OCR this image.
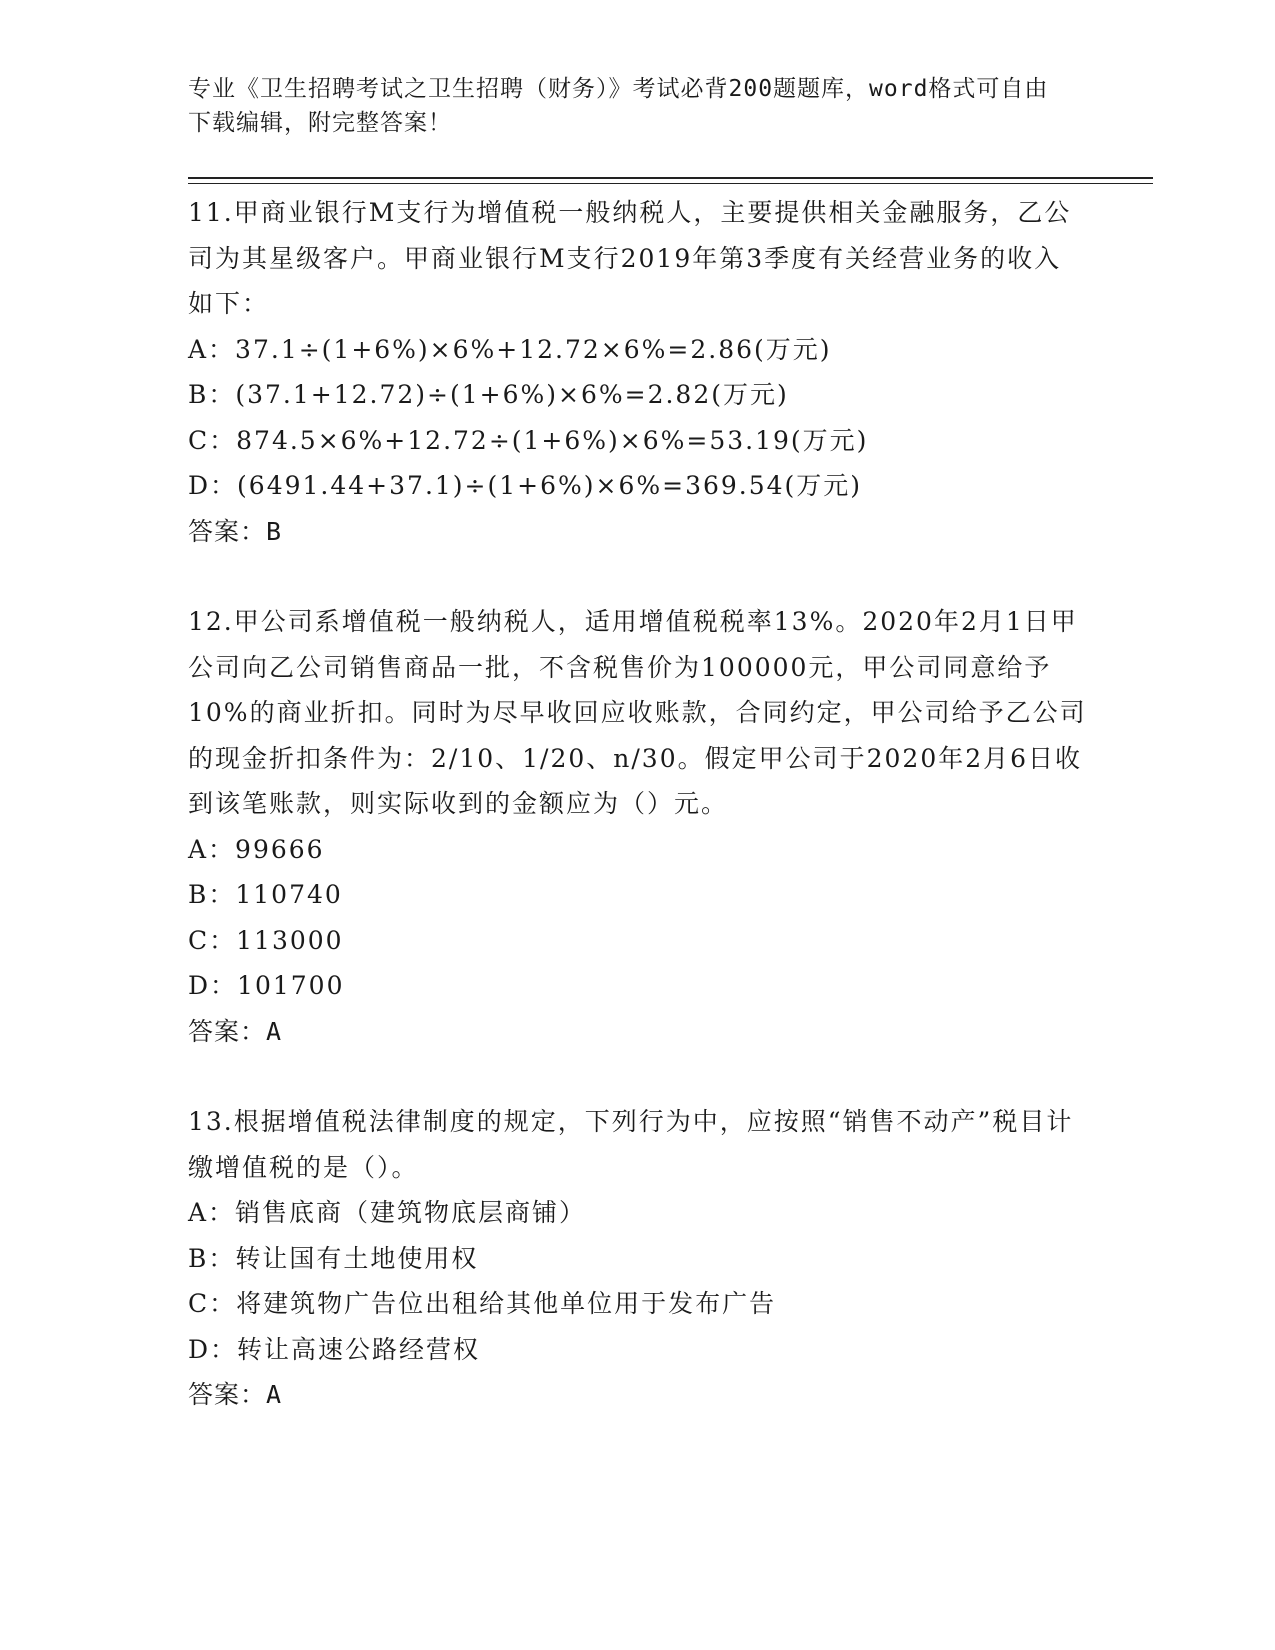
专业《卫生招聘考试之卫生招聘（财务）》考试必背200题题库，word格式可自由下载编辑，附完整答案！

11.甲商业银行M支行为增值税一般纳税人，主要提供相关金融服务，乙公司为其星级客户。甲商业银行M支行2019年第3季度有关经营业务的收入如下：

A：37.1÷(1+6%)×6%+12.72×6%=2.86(万元)

B：(37.1+12.72)÷(1+6%)×6%=2.82(万元)

C：874.5×6%+12.72÷(1+6%)×6%=53.19(万元)

D：(6491.44+37.1)÷(1+6%)×6%=369.54(万元)

答案：B

12.甲公司系增值税一般纳税人，适用增值税税率13%。2020年2月1日甲公司向乙公司销售商品一批，不含税售价为100000元，甲公司同意给予10%的商业折扣。同时为尽早收回应收账款，合同约定，甲公司给予乙公司的现金折扣条件为：2/10、1/20、n/30。假定甲公司于2020年2月6日收到该笔账款，则实际收到的金额应为（）元。

A：99666

B：110740

C：113000

D：101700

答案：A

13.根据增值税法律制度的规定，下列行为中，应按照“销售不动产”税目计缴增值税的是（）。

A：销售底商（建筑物底层商铺）

B：转让国有土地使用权

C：将建筑物广告位出租给其他单位用于发布广告

D：转让高速公路经营权

答案：A
